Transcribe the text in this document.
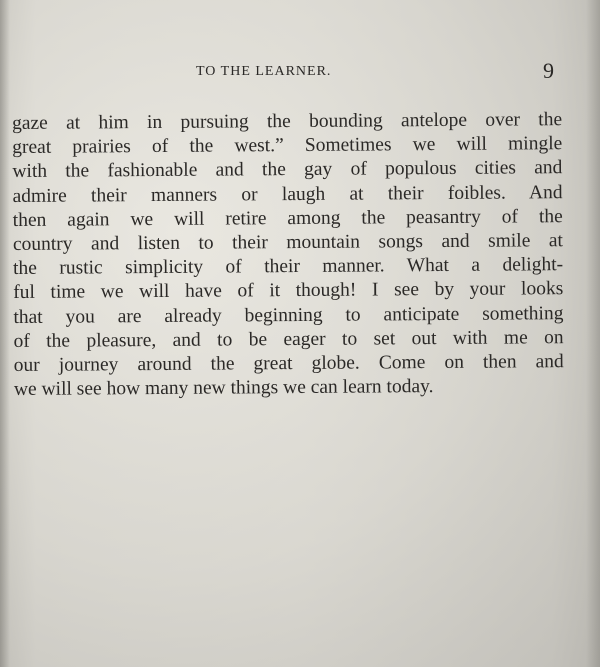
TO THE LEARNER.	9
gaze at him in pursuing the bounding antelope over the
great prairies of the west.” Sometimes we will mingle
with the fashionable and the gay of populous cities and
admire their manners or laugh at their foibles. And
then again we will retire among the peasantry of the
country and listen to their mountain songs and smile at
the rustic simplicity of their manner. What a delight-
ful time we will have of it though! I see by your looks
that you are already beginning to anticipate something
of the pleasure, and to be eager to set out with me on
our journey around the great globe. Come on then and
we will see how many new things we can learn today.
